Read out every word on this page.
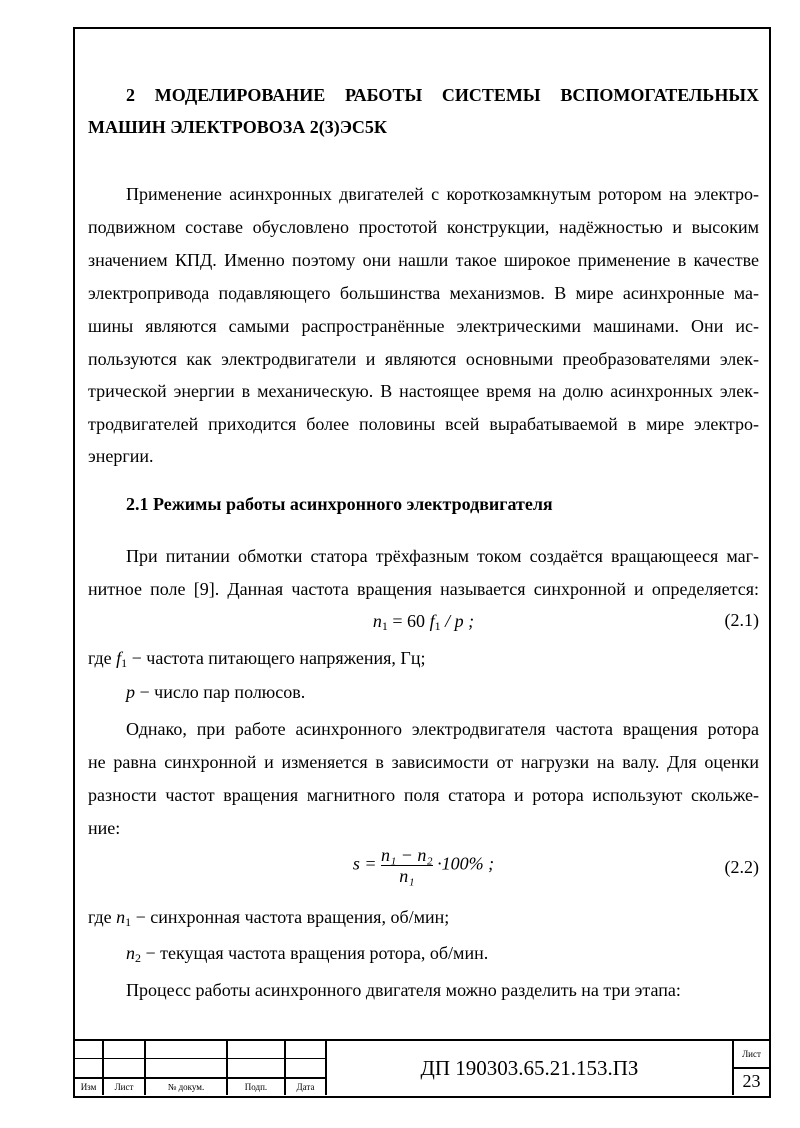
2 МОДЕЛИРОВАНИЕ РАБОТЫ СИСТЕМЫ ВСПОМОГАТЕЛЬНЫХ
МАШИН ЭЛЕКТРОВОЗА 2(3)ЭС5К
Применение асинхронных двигателей с короткозамкнутым ротором на электро-
подвижном составе обусловлено простотой конструкции, надёжностью и высоким
значением КПД. Именно поэтому они нашли такое широкое применение в качестве
электропривода подавляющего большинства механизмов. В мире асинхронные ма-
шины являются самыми распространённые электрическими машинами. Они ис-
пользуются как электродвигатели и являются основными преобразователями элек-
трической энергии в механическую. В настоящее время на долю асинхронных элек-
тродвигателей приходится более половины всей вырабатываемой в мире электро-
энергии.
2.1 Режимы работы асинхронного электродвигателя
При питании обмотки статора трёхфазным током создаётся вращающееся маг-
нитное поле [9]. Данная частота вращения называется синхронной и определяется:
$n_1 = 60$ $f_1$ / p ;	(2.1)
где $f_1$ − частота питающего напряжения, Гц;
p − число пар полюсов.
Однако, при работе асинхронного электродвигателя частота вращения ротора
не равна синхронной и изменяется в зависимости от нагрузки на валу. Для оценки
разности частот вращения магнитного поля статора и ротора используют скольже-
ние:
$s = \frac{\text{n₁ − n₂}}{\text{n₁}} \cdot 100\%$ ;	(2.2)
где $n_1$ − синхронная частота вращения, об/мин;
$n_2$ − текущая частота вращения ротора, об/мин.
Процесс работы асинхронного двигателя можно разделить на три этапа:
Изм	Лист	№ докум.	Подп.	Дата
ДП 190303.65.21.153.ПЗ
Лист
23
